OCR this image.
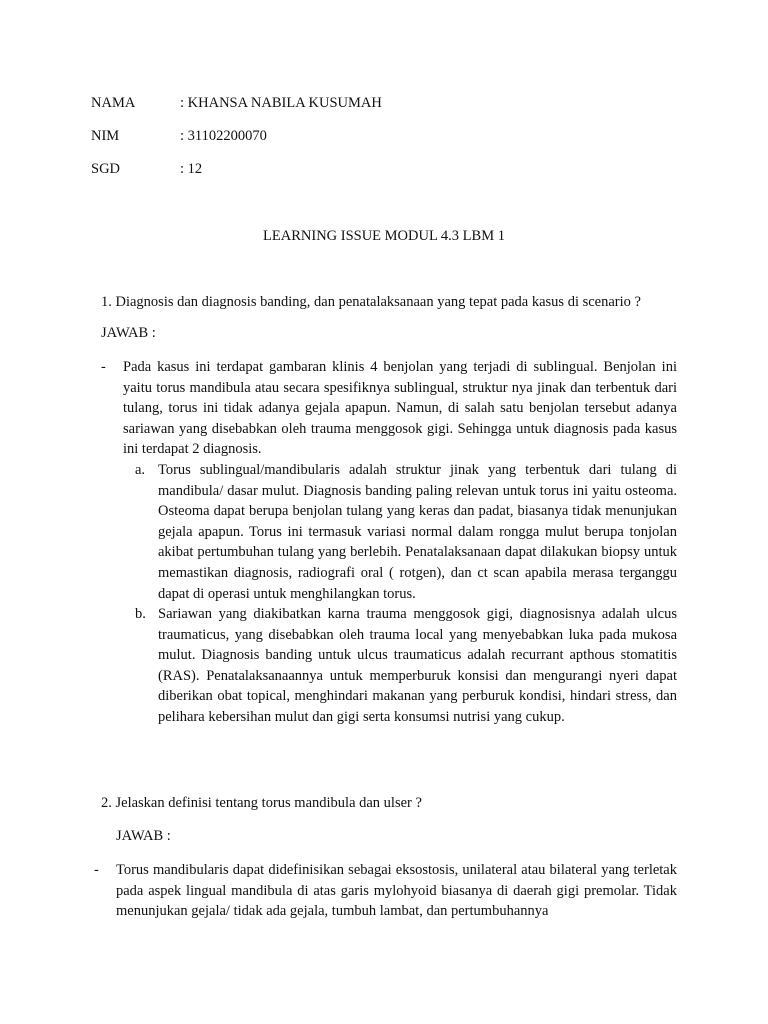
NAMA	: KHANSA NABILA KUSUMAH
NIM	: 31102200070
SGD	: 12
LEARNING ISSUE MODUL 4.3 LBM 1
1. Diagnosis dan diagnosis banding, dan penatalaksanaan yang tepat pada kasus di scenario ?
JAWAB :
- Pada kasus ini terdapat gambaran klinis 4 benjolan yang terjadi di sublingual. Benjolan ini yaitu torus mandibula atau secara spesifiknya sublingual, struktur nya jinak dan terbentuk dari tulang, torus ini tidak adanya gejala apapun. Namun, di salah satu benjolan tersebut adanya sariawan yang disebabkan oleh trauma menggosok gigi. Sehingga untuk diagnosis pada kasus ini terdapat 2 diagnosis.
a. Torus sublingual/mandibularis adalah struktur jinak yang terbentuk dari tulang di mandibula/ dasar mulut. Diagnosis banding paling relevan untuk torus ini yaitu osteoma. Osteoma dapat berupa benjolan tulang yang keras dan padat, biasanya tidak menunjukan gejala apapun. Torus ini termasuk variasi normal dalam rongga mulut berupa tonjolan akibat pertumbuhan tulang yang berlebih. Penatalaksanaan dapat dilakukan biopsy untuk memastikan diagnosis, radiografi oral ( rotgen), dan ct scan apabila merasa terganggu dapat di operasi untuk menghilangkan torus.
b. Sariawan yang diakibatkan karna trauma menggosok gigi, diagnosisnya adalah ulcus traumaticus, yang disebabkan oleh trauma local yang menyebabkan luka pada mukosa mulut. Diagnosis banding untuk ulcus traumaticus adalah recurrant apthous stomatitis (RAS). Penatalaksanaannya untuk memperburuk konsisi dan mengurangi nyeri dapat diberikan obat topical, menghindari makanan yang perburuk kondisi, hindari stress, dan pelihara kebersihan mulut dan gigi serta konsumsi nutrisi yang cukup.
2. Jelaskan definisi tentang torus mandibula dan ulser ?
JAWAB :
- Torus mandibularis dapat didefinisikan sebagai eksostosis, unilateral atau bilateral yang terletak pada aspek lingual mandibula di atas garis mylohyoid biasanya di daerah gigi premolar. Tidak menunjukan gejala/ tidak ada gejala, tumbuh lambat, dan pertumbuhannya
